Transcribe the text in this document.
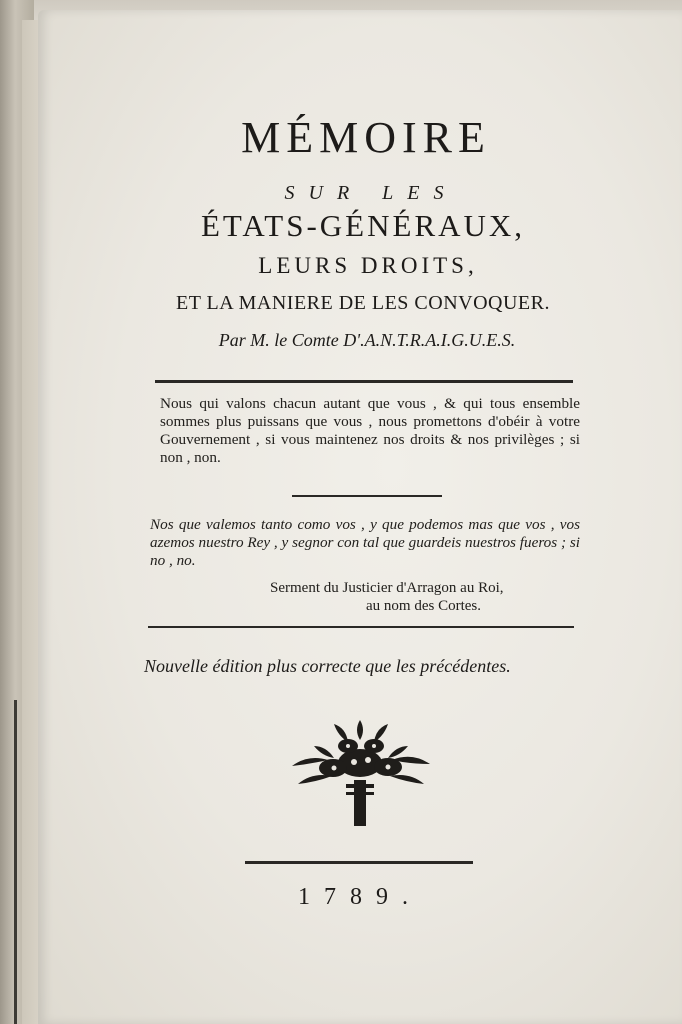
MÉMOIRE
SUR LES
ÉTATS-GÉNÉRAUX,
LEURS DROITS,
ET LA MANIERE DE LES CONVOQUER.
Par M. le Comte D'.A.N.T.R.A.I.G.U.E.S.
Nous qui valons chacun autant que vous , & qui tous ensemble sommes plus puissans que vous , nous promettons d'obéir à votre Gouvernement , si vous maintenez nos droits & nos privilèges ; si non , non.
Nos que valemos tanto como vos , y que podemos mas que vos , vos azemos nuestro Rey , y segnor con tal que guardeis nuestros fueros ; si no , no.
Serment du Justicier d'Arragon au Roi,
au nom des Cortes.
Nouvelle édition plus correcte que les précédentes.
1789.
